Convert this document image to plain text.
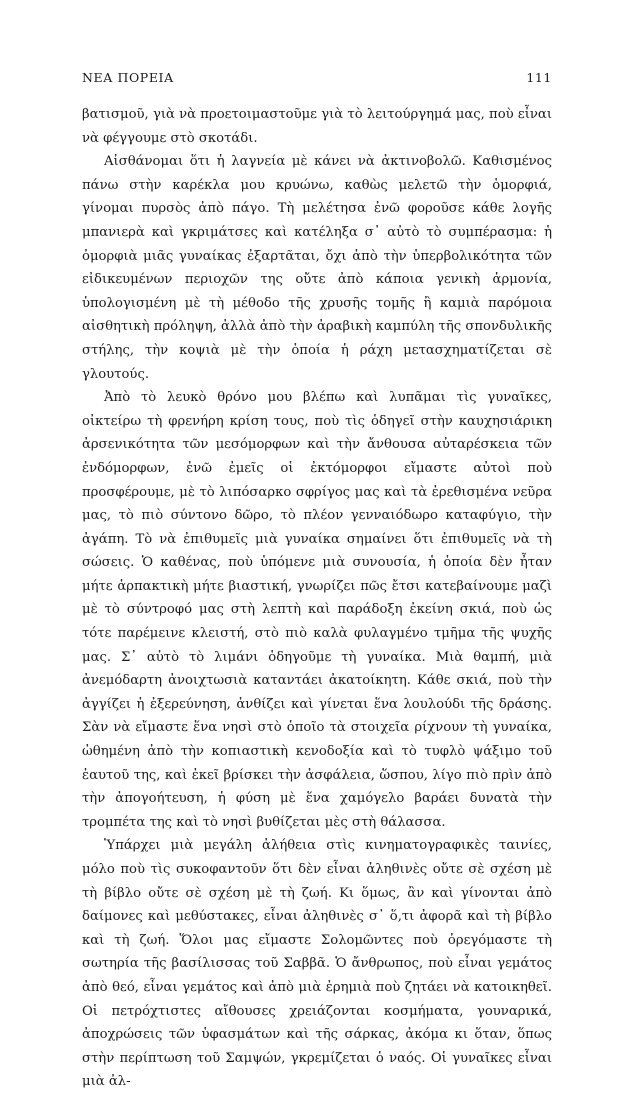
ΝΕΑ ΠΟΡΕΙΑ	111

βατισμοῦ, γιὰ νὰ προετοιμαστοῦμε γιὰ τὸ λειτούργημά μας, ποὺ εἶναι νὰ φέγγουμε στὸ σκοτάδι.

Αἰσθάνομαι ὅτι ἡ λαγνεία μὲ κάνει νὰ ἀκτινοβολῶ. Καθισμένος πάνω στὴν καρέκλα μου κρυώνω, καθὼς μελετῶ τὴν ὁμορφιά, γίνομαι πυρσὸς ἀπὸ πάγο. Τὴ μελέτησα ἐνῶ φοροῦσε κάθε λογῆς μπανιερὰ καὶ γκριμάτσες καὶ κατέληξα σ᾽ αὐτὸ τὸ συμπέρασμα: ἡ ὀμορφιὰ μιᾶς γυναίκας ἐξαρτᾶται, ὄχι ἀπὸ τὴν ὑπερβολικότητα τῶν εἰδικευμένων περιοχῶν της οὔτε ἀπὸ κάποια γενικὴ ἁρμονία, ὑπολογισμένη μὲ τὴ μέθοδο τῆς χρυσῆς τομῆς ἢ καμιὰ παρόμοια αἰσθητικὴ πρόληψη, ἀλλὰ ἀπὸ τὴν ἀραβικὴ καμπύλη τῆς σπονδυλικῆς στήλης, τὴν κοψιὰ μὲ τὴν ὁποία ἡ ράχη μετασχηματίζεται σὲ γλουτούς.

Ἀπὸ τὸ λευκὸ θρόνο μου βλέπω καὶ λυπᾶμαι τὶς γυναῖκες, οἰκτείρω τὴ φρενήρη κρίση τους, ποὺ τὶς ὁδηγεῖ στὴν καυχησιάρικη ἀρσενικότητα τῶν μεσόμορφων καὶ τὴν ἄνθουσα αὐταρέσκεια τῶν ἐνδόμορφων, ἐνῶ ἐμεῖς οἱ ἐκτόμορφοι εἴμαστε αὐτοὶ ποὺ προσφέρουμε, μὲ τὸ λιπόσαρκο σφρίγος μας καὶ τὰ ἐρεθισμένα νεῦρα μας, τὸ πιὸ σύντονο δῶρο, τὸ πλέον γενναιόδωρο καταφύγιο, τὴν ἀγάπη. Τὸ νὰ ἐπιθυμεῖς μιὰ γυναίκα σημαίνει ὅτι ἐπιθυμεῖς νὰ τὴ σώσεις. Ὁ καθένας, ποὺ ὑπόμενε μιὰ συνουσία, ἡ ὁποία δὲν ἦταν μήτε ἁρπακτικὴ μήτε βιαστική, γνωρίζει πῶς ἔτσι κατεβαίνουμε μαζὶ μὲ τὸ σύντροφό μας στὴ λεπτὴ καὶ παράδοξη ἐκείνη σκιά, ποὺ ὡς τότε παρέμεινε κλειστή, στὸ πιὸ καλὰ φυλαγμένο τμῆμα τῆς ψυχῆς μας. Σ᾽ αὐτὸ τὸ λιμάνι ὁδηγοῦμε τὴ γυναίκα. Μιὰ θαμπή, μιὰ ἀνεμόδαρτη ἀνοιχτωσιὰ καταντάει ἀκατοίκητη. Κάθε σκιά, ποὺ τὴν ἀγγίζει ἡ ἐξερεύνηση, ἀνθίζει καὶ γίνεται ἕνα λουλούδι τῆς δράσης. Σὰν νὰ εἴμαστε ἕνα νησὶ στὸ ὁποῖο τὰ στοιχεῖα ρίχνουν τὴ γυναίκα, ὠθημένη ἀπὸ τὴν κοπιαστικὴ κενοδοξία καὶ τὸ τυφλὸ ψάξιμο τοῦ ἑαυτοῦ της, καὶ ἐκεῖ βρίσκει τὴν ἀσφάλεια, ὥσπου, λίγο πιὸ πρὶν ἀπὸ τὴν ἀπογοήτευση, ἡ φύση μὲ ἕνα χαμόγελο βαράει δυνατὰ τὴν τρομπέτα της καὶ τὸ νησὶ βυθίζεται μὲς στὴ θάλασσα.

Ὑπάρχει μιὰ μεγάλη ἀλήθεια στὶς κινηματογραφικὲς ταινίες, μόλο ποὺ τὶς συκοφαντοῦν ὅτι δὲν εἶναι ἀληθινὲς οὔτε σὲ σχέση μὲ τὴ βίβλο οὔτε σὲ σχέση μὲ τὴ ζωή. Κι ὅμως, ἂν καὶ γίνονται ἀπὸ δαίμονες καὶ μεθύστακες, εἶναι ἀληθινὲς σ᾽ ὅ,τι ἀφορᾶ καὶ τὴ βίβλο καὶ τὴ ζωή. Ὅλοι μας εἴμαστε Σολομῶντες ποὺ ὀρεγόμαστε τὴ σωτηρία τῆς βασίλισσας τοῦ Σαββᾶ. Ὁ ἄνθρωπος, ποὺ εἶναι γεμάτος ἀπὸ θεό, εἶναι γεμάτος καὶ ἀπὸ μιὰ ἐρημιὰ ποὺ ζητάει νὰ κατοικηθεῖ. Οἱ πετρόχτιστες αἴθουσες χρειάζονται κοσμήματα, γουναρικά, ἀποχρώσεις τῶν ὑφασμάτων καὶ τῆς σάρκας, ἀκόμα κι ὅταν, ὅπως στὴν περίπτωση τοῦ Σαμψών, γκρεμίζεται ὁ ναός. Οἱ γυναῖκες εἶναι μιὰ ἀλ-
